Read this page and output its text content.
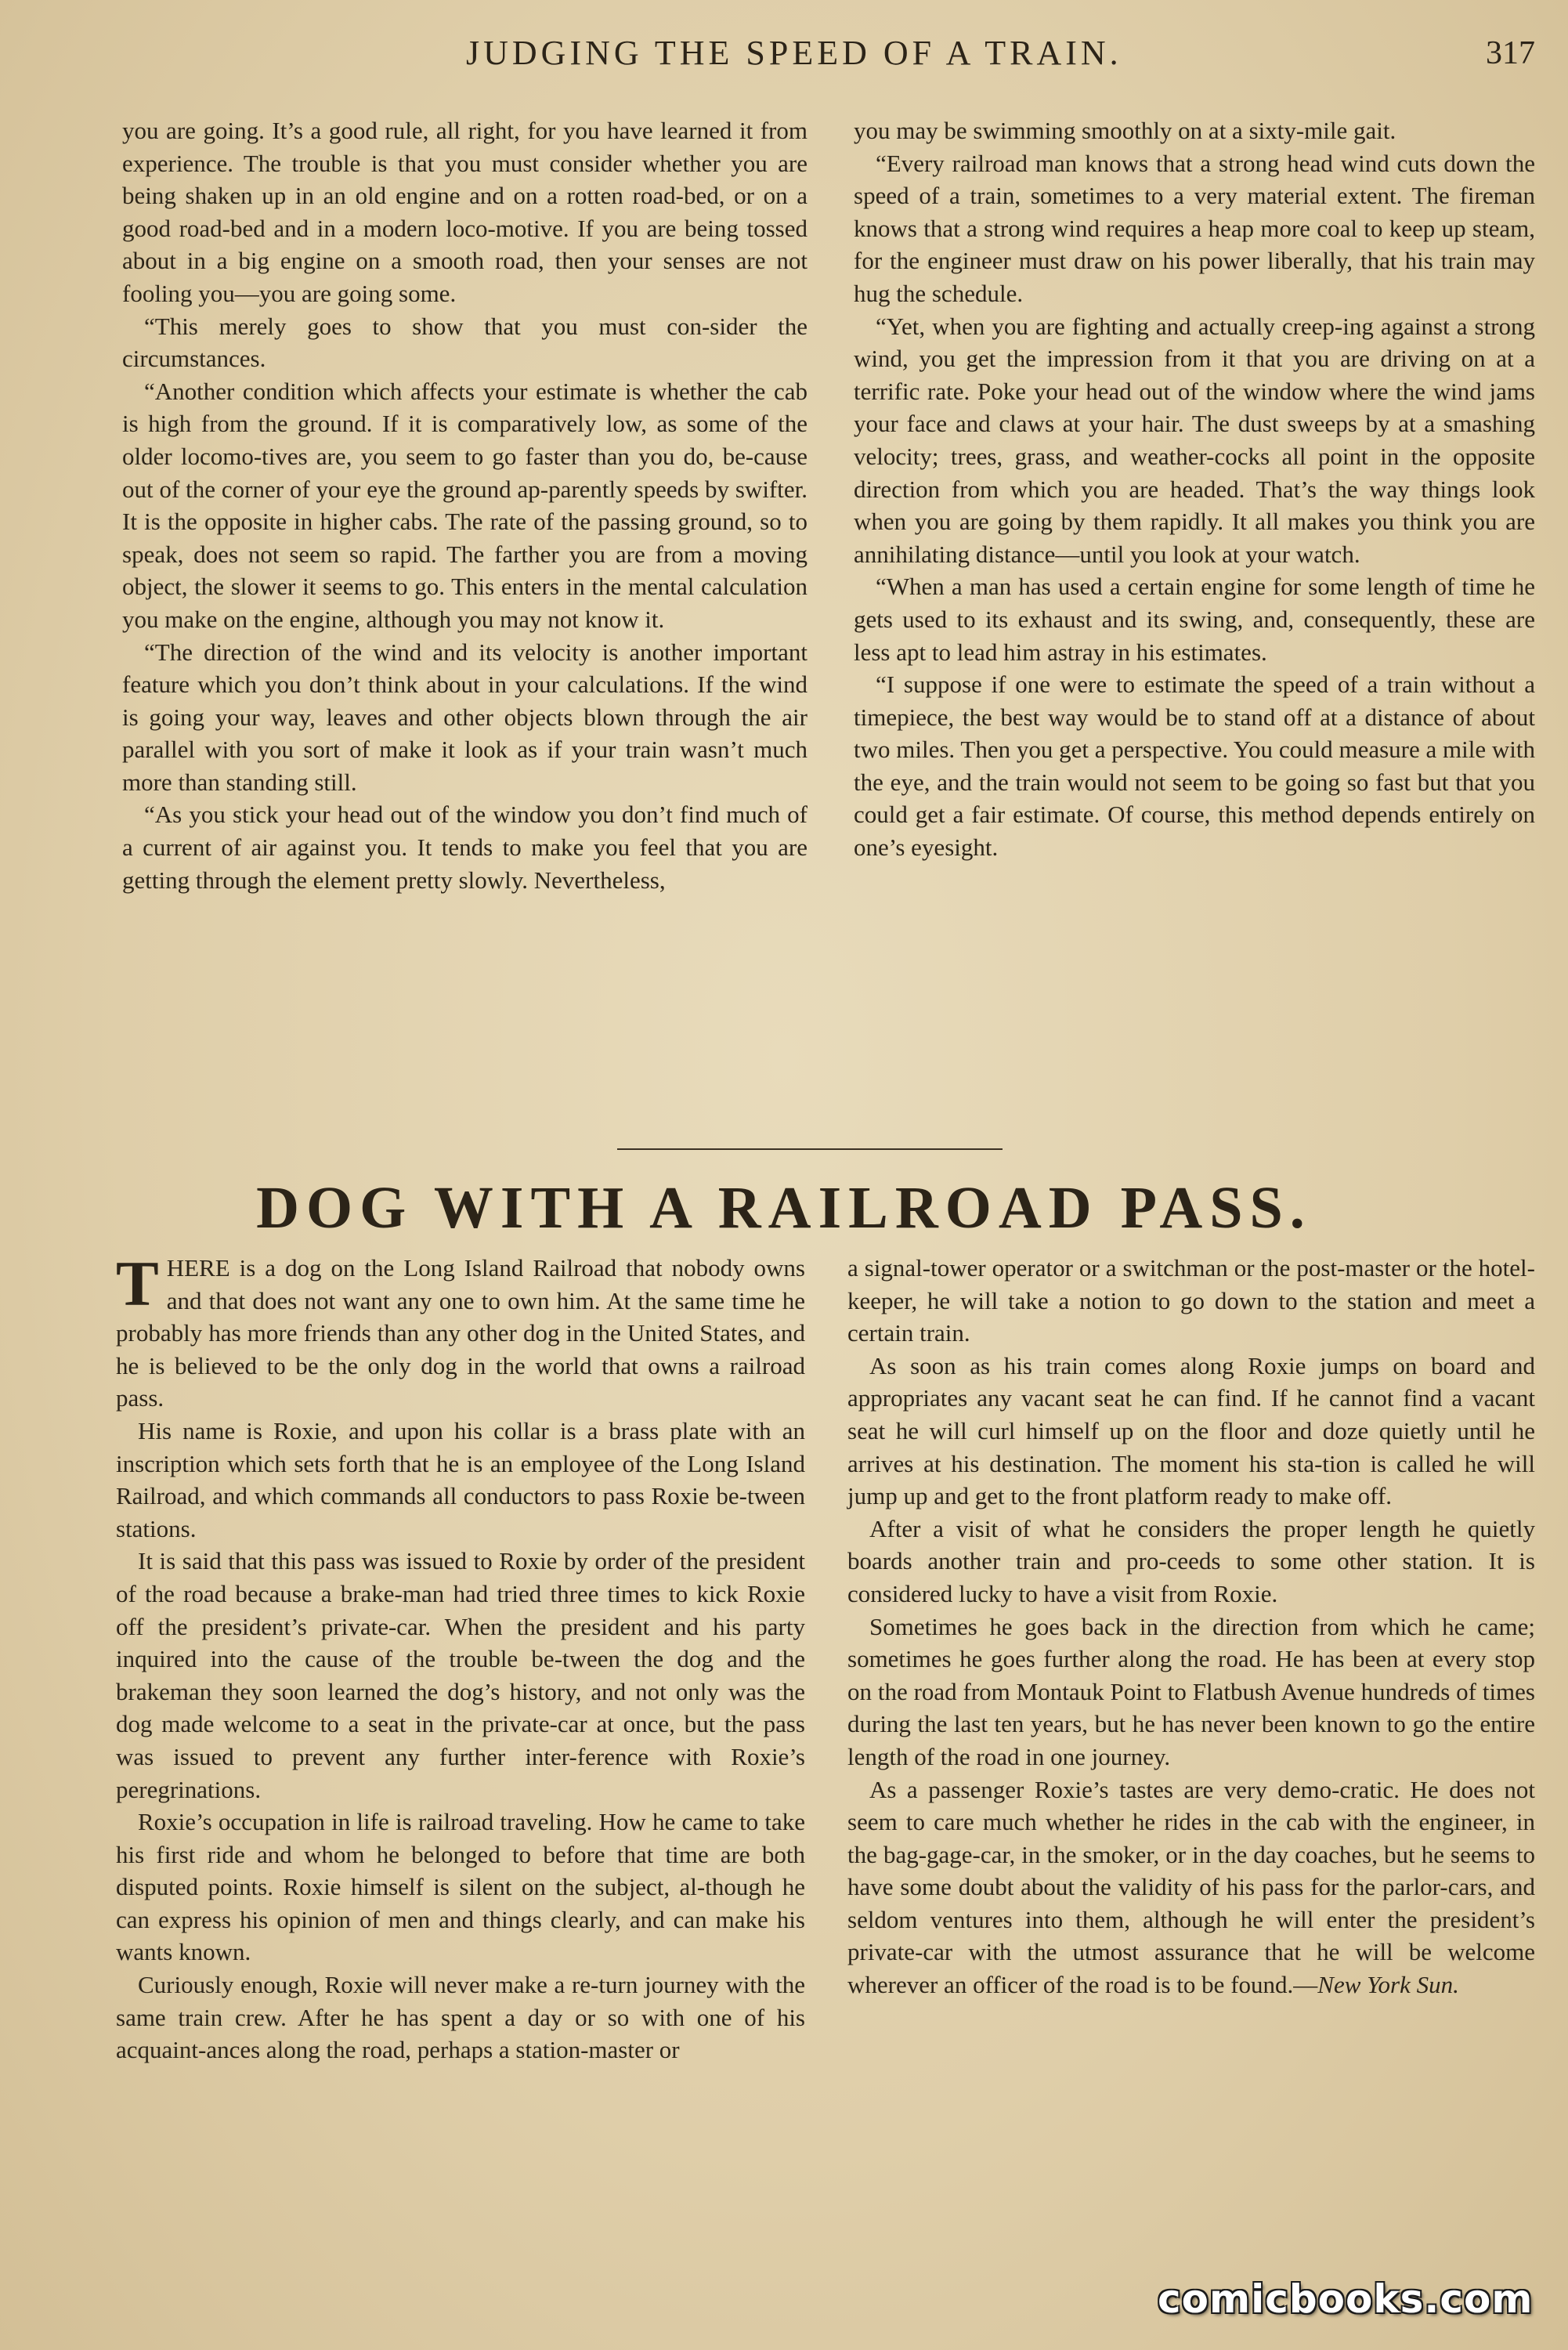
JUDGING THE SPEED OF A TRAIN.	317

you are going. It’s a good rule, all right, for you have learned it from experience. The trouble is that you must consider whether you are being shaken up in an old engine and on a rotten road-bed, or on a good road-bed and in a modern loco-motive. If you are being tossed about in a big engine on a smooth road, then your senses are not fooling you—you are going some.

“This merely goes to show that you must con-sider the circumstances.

“Another condition which affects your estimate is whether the cab is high from the ground. If it is comparatively low, as some of the older locomo-tives are, you seem to go faster than you do, be-cause out of the corner of your eye the ground ap-parently speeds by swifter. It is the opposite in higher cabs. The rate of the passing ground, so to speak, does not seem so rapid. The farther you are from a moving object, the slower it seems to go. This enters in the mental calculation you make on the engine, although you may not know it.

“The direction of the wind and its velocity is another important feature which you don’t think about in your calculations. If the wind is going your way, leaves and other objects blown through the air parallel with you sort of make it look as if your train wasn’t much more than standing still.

“As you stick your head out of the window you don’t find much of a current of air against you. It tends to make you feel that you are getting through the element pretty slowly. Nevertheless,

you may be swimming smoothly on at a sixty-mile gait.

“Every railroad man knows that a strong head wind cuts down the speed of a train, sometimes to a very material extent. The fireman knows that a strong wind requires a heap more coal to keep up steam, for the engineer must draw on his power liberally, that his train may hug the schedule.

“Yet, when you are fighting and actually creep-ing against a strong wind, you get the impression from it that you are driving on at a terrific rate. Poke your head out of the window where the wind jams your face and claws at your hair. The dust sweeps by at a smashing velocity; trees, grass, and weather-cocks all point in the opposite direction from which you are headed. That’s the way things look when you are going by them rapidly. It all makes you think you are annihilating distance—until you look at your watch.

“When a man has used a certain engine for some length of time he gets used to its exhaust and its swing, and, consequently, these are less apt to lead him astray in his estimates.

“I suppose if one were to estimate the speed of a train without a timepiece, the best way would be to stand off at a distance of about two miles. Then you get a perspective. You could measure a mile with the eye, and the train would not seem to be going so fast but that you could get a fair estimate. Of course, this method depends entirely on one’s eyesight.

DOG WITH A RAILROAD PASS.

THERE is a dog on the Long Island Railroad that nobody owns and that does not want any one to own him. At the same time he probably has more friends than any other dog in the United States, and he is believed to be the only dog in the world that owns a railroad pass.

His name is Roxie, and upon his collar is a brass plate with an inscription which sets forth that he is an employee of the Long Island Railroad, and which commands all conductors to pass Roxie be-tween stations.

It is said that this pass was issued to Roxie by order of the president of the road because a brake-man had tried three times to kick Roxie off the president’s private-car. When the president and his party inquired into the cause of the trouble be-tween the dog and the brakeman they soon learned the dog’s history, and not only was the dog made welcome to a seat in the private-car at once, but the pass was issued to prevent any further inter-ference with Roxie’s peregrinations.

Roxie’s occupation in life is railroad traveling. How he came to take his first ride and whom he belonged to before that time are both disputed points. Roxie himself is silent on the subject, al-though he can express his opinion of men and things clearly, and can make his wants known.

Curiously enough, Roxie will never make a re-turn journey with the same train crew. After he has spent a day or so with one of his acquaint-ances along the road, perhaps a station-master or

a signal-tower operator or a switchman or the post-master or the hotel-keeper, he will take a notion to go down to the station and meet a certain train.

As soon as his train comes along Roxie jumps on board and appropriates any vacant seat he can find. If he cannot find a vacant seat he will curl himself up on the floor and doze quietly until he arrives at his destination. The moment his sta-tion is called he will jump up and get to the front platform ready to make off.

After a visit of what he considers the proper length he quietly boards another train and pro-ceeds to some other station. It is considered lucky to have a visit from Roxie.

Sometimes he goes back in the direction from which he came; sometimes he goes further along the road. He has been at every stop on the road from Montauk Point to Flatbush Avenue hundreds of times during the last ten years, but he has never been known to go the entire length of the road in one journey.

As a passenger Roxie’s tastes are very demo-cratic. He does not seem to care much whether he rides in the cab with the engineer, in the bag-gage-car, in the smoker, or in the day coaches, but he seems to have some doubt about the validity of his pass for the parlor-cars, and seldom ventures into them, although he will enter the president’s private-car with the utmost assurance that he will be welcome wherever an officer of the road is to be found.—New York Sun.

comicbooks.com
